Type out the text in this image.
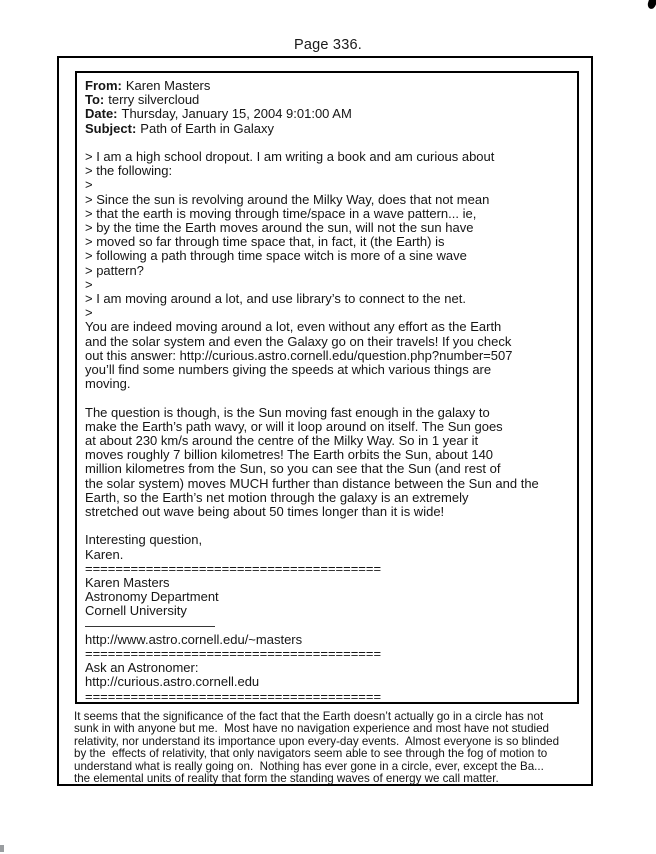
Page 336.
From: Karen Masters
To: terry silvercloud
Date: Thursday, January 15, 2004 9:01:00 AM
Subject: Path of Earth in Galaxy
> I am a high school dropout. I am writing a book and am curious about
> the following:
>
> Since the sun is revolving around the Milky Way, does that not mean
> that the earth is moving through time/space in a wave pattern... ie,
> by the time the Earth moves around the sun, will not the sun have
> moved so far through time space that, in fact, it (the Earth) is
> following a path through time space witch is more of a sine wave
> pattern?
>
> I am moving around a lot, and use library’s to connect to the net.
>
You are indeed moving around a lot, even without any effort as the Earth
and the solar system and even the Galaxy go on their travels! If you check
out this answer: http://curious.astro.cornell.edu/question.php?number=507
you’ll find some numbers giving the speeds at which various things are
moving.
The question is though, is the Sun moving fast enough in the galaxy to
make the Earth’s path wavy, or will it loop around on itself. The Sun goes
at about 230 km/s around the centre of the Milky Way. So in 1 year it
moves roughly 7 billion kilometres! The Earth orbits the Sun, about 140
million kilometres from the Sun, so you can see that the Sun (and rest of
the solar system) moves MUCH further than distance between the Sun and the
Earth, so the Earth’s net motion through the galaxy is an extremely
stretched out wave being about 50 times longer than it is wide!
Interesting question,
Karen.
=======================================
Karen Masters
Astronomy Department
Cornell University
——————————
http://www.astro.cornell.edu/~masters
=======================================
Ask an Astronomer:
http://curious.astro.cornell.edu
=======================================
It seems that the significance of the fact that the Earth doesn’t actually go in a circle has not
sunk in with anyone but me.  Most have no navigation experience and most have not studied
relativity, nor understand its importance upon every-day events.  Almost everyone is so blinded
by the  effects of relativity, that only navigators seem able to see through the fog of motion to
understand what is really going on.  Nothing has ever gone in a circle, ever, except the Ba...
the elemental units of reality that form the standing waves of energy we call matter.
